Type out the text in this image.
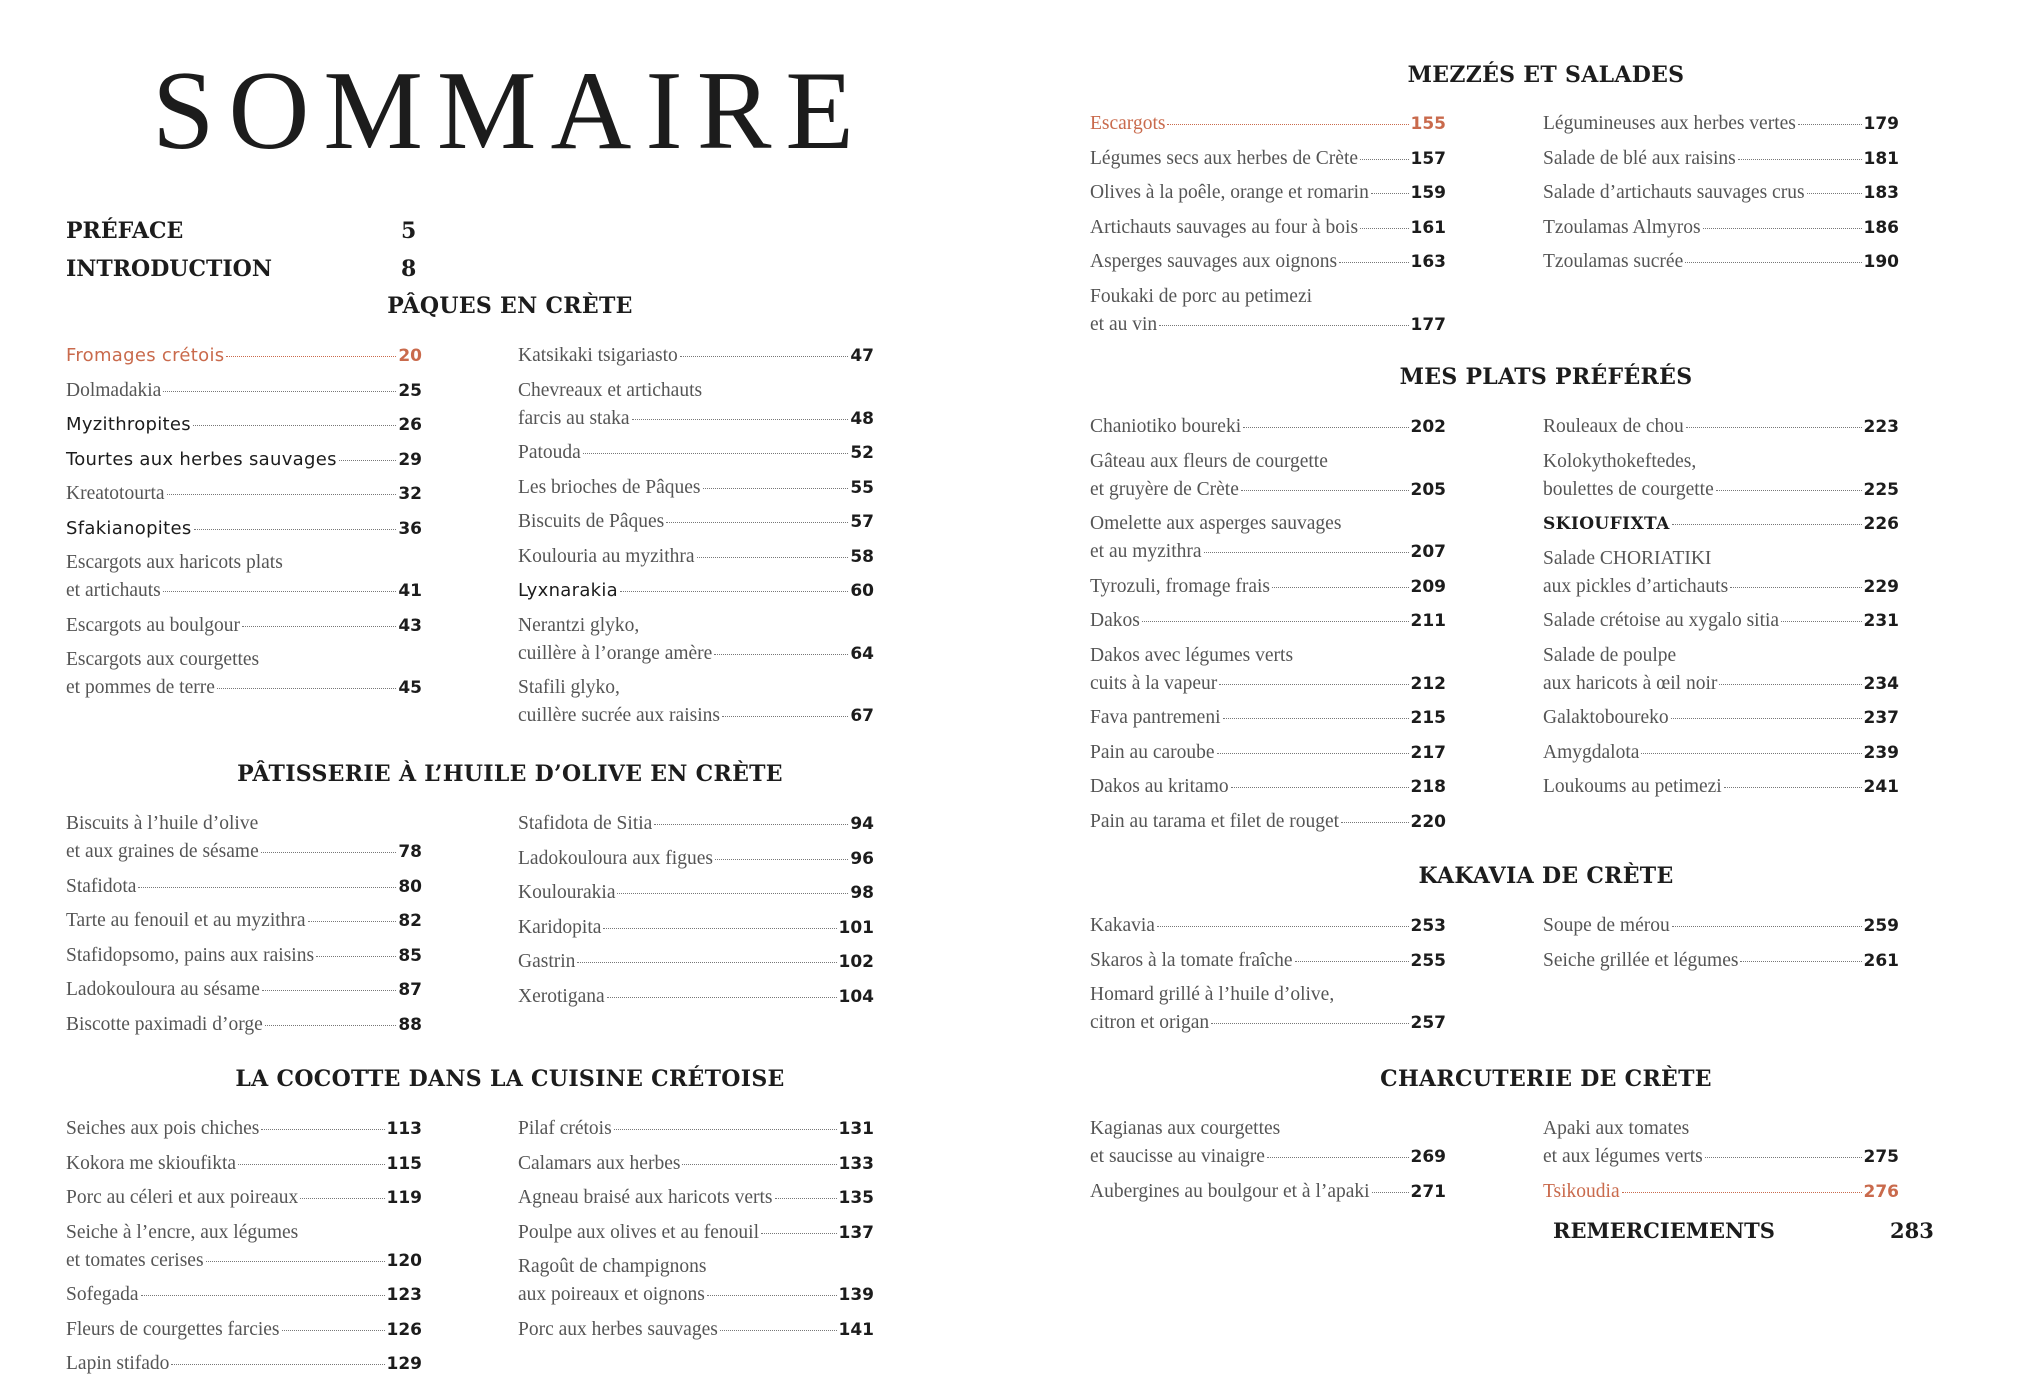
SOMMAIRE
PRÉFACE	5
INTRODUCTION	8
PÂQUES EN CRÈTE
Fromages crétois	20
Dolmadakia	25
Myzithropites	26
Tourtes aux herbes sauvages	29
Kreatotourta	32
Sfakianopites	36
Escargots aux haricots plats
et artichauts	41
Escargots au boulgour	43
Escargots aux courgettes
et pommes de terre	45
Katsikaki tsigariasto	47
Chevreaux et artichauts
farcis au staka	48
Patouda	52
Les brioches de Pâques	55
Biscuits de Pâques	57
Koulouria au myzithra	58
Lyxnarakia	60
Nerantzi glyko,
cuillère à l’orange amère	64
Stafili glyko,
cuillère sucrée aux raisins	67
PÂTISSERIE À L’HUILE D’OLIVE EN CRÈTE
Biscuits à l’huile d’olive
et aux graines de sésame	78
Stafidota	80
Tarte au fenouil et au myzithra	82
Stafidopsomo, pains aux raisins	85
Ladokouloura au sésame	87
Biscotte paximadi d’orge	88
Stafidota de Sitia	94
Ladokouloura aux figues	96
Koulourakia	98
Karidopita	101
Gastrin	102
Xerotigana	104
LA COCOTTE DANS LA CUISINE CRÉTOISE
Seiches aux pois chiches	113
Kokora me skioufikta	115
Porc au céleri et aux poireaux	119
Seiche à l’encre, aux légumes
et tomates cerises	120
Sofegada	123
Fleurs de courgettes farcies	126
Lapin stifado	129
Pilaf crétois	131
Calamars aux herbes	133
Agneau braisé aux haricots verts	135
Poulpe aux olives et au fenouil	137
Ragoût de champignons
aux poireaux et oignons	139
Porc aux herbes sauvages	141
MEZZÉS ET SALADES
Escargots	155
Légumes secs aux herbes de Crète	157
Olives à la poêle, orange et romarin 159
Artichauts sauvages au four à bois	161
Asperges sauvages aux oignons	163
Foukaki de porc au petimezi
et au vin	177
Légumineuses aux herbes vertes	179
Salade de blé aux raisins	181
Salade d’artichauts sauvages crus	183
Tzoulamas Almyros	186
Tzoulamas sucrée	190
MES PLATS PRÉFÉRÉS
Chaniotiko boureki	202
Gâteau aux fleurs de courgette
et gruyère de Crète	205
Omelette aux asperges sauvages
et au myzithra	207
Tyrozuli, fromage frais	209
Dakos	211
Dakos avec légumes verts
cuits à la vapeur	212
Fava pantremeni	215
Pain au caroube	217
Dakos au kritamo	218
Pain au tarama et filet de rouget	220
Rouleaux de chou	223
Kolokythokeftedes,
boulettes de courgette	225
SKIOUFIXTA	226
Salade CHORIATIKI
aux pickles d’artichauts	229
Salade crétoise au xygalo sitia	231
Salade de poulpe
aux haricots à œil noir	234
Galaktoboureko	237
Amygdalota	239
Loukoums au petimezi	241
KAKAVIA DE CRÈTE
Kakavia	253
Skaros à la tomate fraîche	255
Homard grillé à l’huile d’olive,
citron et origan	257
Soupe de mérou	259
Seiche grillée et légumes	261
CHARCUTERIE DE CRÈTE
Kagianas aux courgettes
et saucisse au vinaigre	269
Aubergines au boulgour et à l’apaki 271
Apaki aux tomates
et aux légumes verts	275
Tsikoudia	276
REMERCIEMENTS	283
